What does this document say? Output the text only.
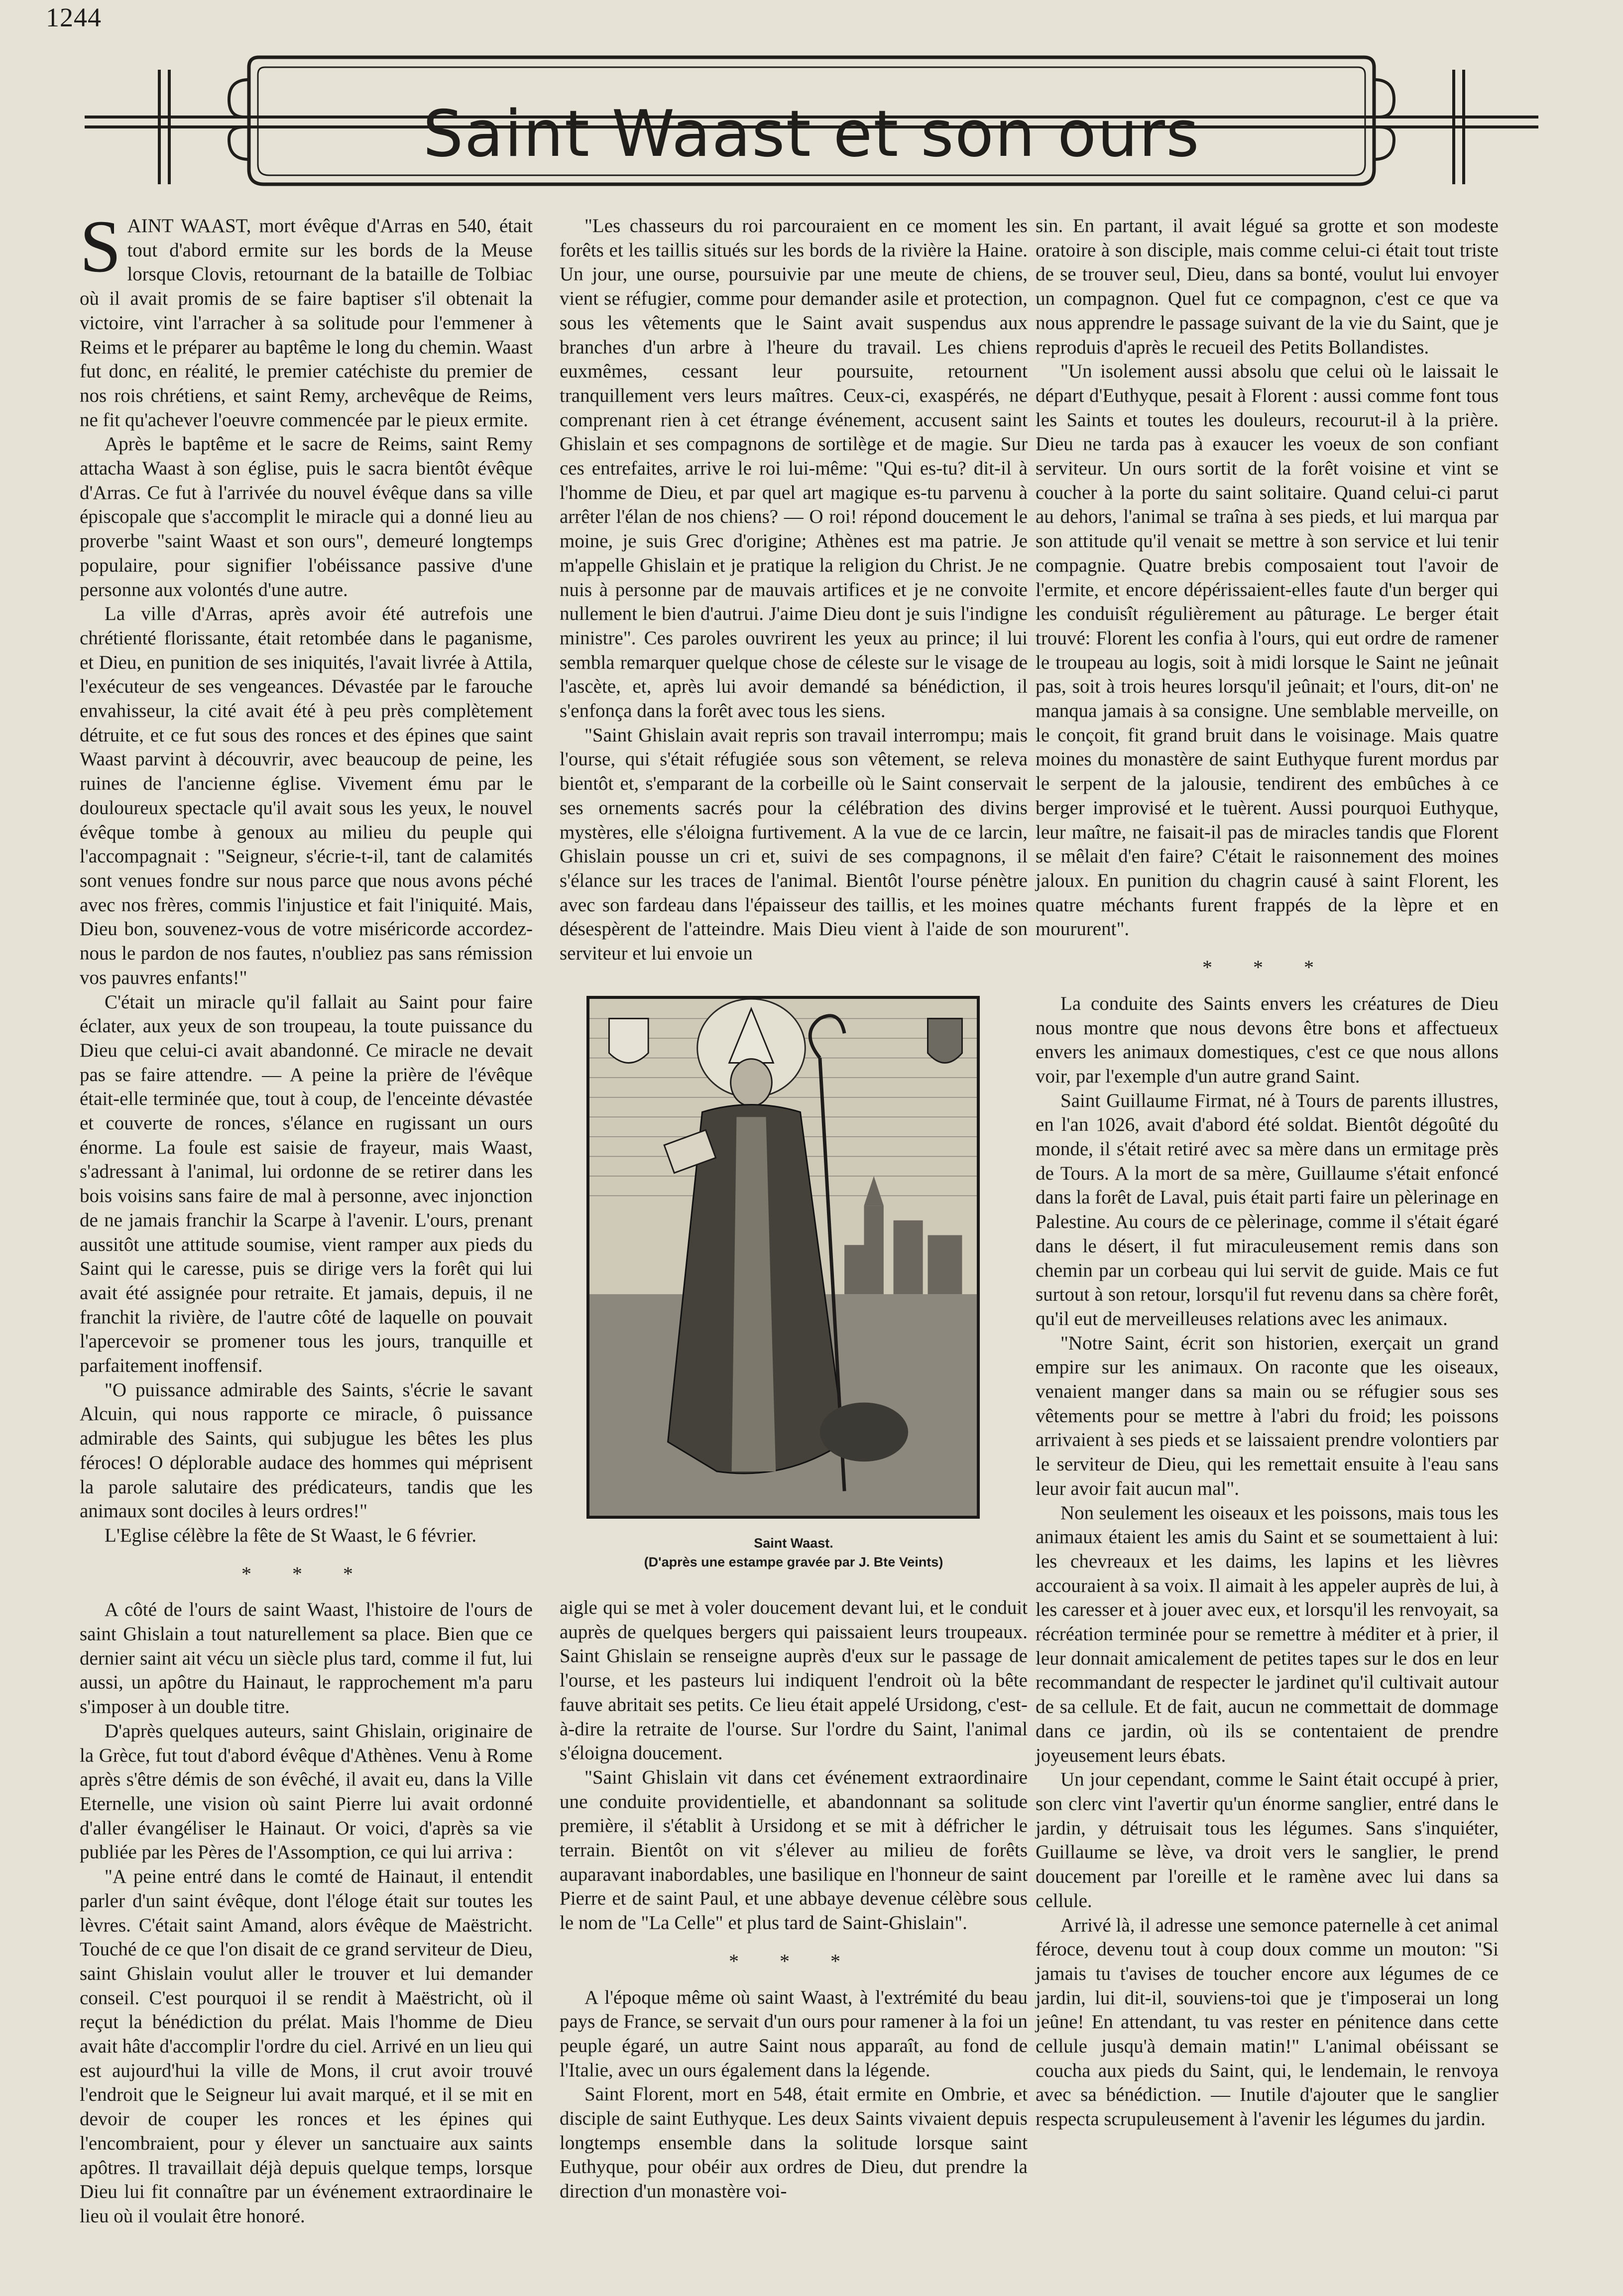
1244
Saint Waast et son ours

SAINT WAAST, mort évêque d'Arras en 540, était tout d'abord ermite sur les bords de la Meuse lorsque Clovis, retournant de la bataille de Tolbiac où il avait promis de se faire baptiser s'il obtenait la victoire, vint l'arracher à sa solitude pour l'emmener à Reims et le préparer au baptême le long du chemin. Waast fut donc, en réalité, le premier catéchiste du premier de nos rois chrétiens, et saint Remy, archevêque de Reims, ne fit qu'achever l'oeuvre commencée par le pieux ermite.

Après le baptême et le sacre de Reims, saint Remy attacha Waast à son église, puis le sacra bientôt évêque d'Arras. Ce fut à l'arrivée du nouvel évêque dans sa ville épiscopale que s'accomplit le miracle qui a donné lieu au proverbe "saint Waast et son ours", demeuré longtemps populaire, pour signifier l'obéissance passive d'une personne aux volontés d'une autre.

La ville d'Arras, après avoir été autrefois une chrétienté florissante, était retombée dans le paganisme, et Dieu, en punition de ses iniquités, l'avait livrée à Attila, l'exécuteur de ses vengeances. Dévastée par le farouche envahisseur, la cité avait été à peu près complètement détruite, et ce fut sous des ronces et des épines que saint Waast parvint à découvrir, avec beaucoup de peine, les ruines de l'ancienne église. Vivement ému par le douloureux spectacle qu'il avait sous les yeux, le nouvel évêque tombe à genoux au milieu du peuple qui l'accompagnait : "Seigneur, s'écrie-t-il, tant de calamités sont venues fondre sur nous parce que nous avons péché avec nos frères, commis l'injustice et fait l'iniquité. Mais, Dieu bon, souvenez-vous de votre miséricorde accordez-nous le pardon de nos fautes, n'oubliez pas sans rémission vos pauvres enfants!"

C'était un miracle qu'il fallait au Saint pour faire éclater, aux yeux de son troupeau, la toute puissance du Dieu que celui-ci avait abandonné. Ce miracle ne devait pas se faire attendre. — A peine la prière de l'évêque était-elle terminée que, tout à coup, de l'enceinte dévastée et couverte de ronces, s'élance en rugissant un ours énorme. La foule est saisie de frayeur, mais Waast, s'adressant à l'animal, lui ordonne de se retirer dans les bois voisins sans faire de mal à personne, avec injonction de ne jamais franchir la Scarpe à l'avenir. L'ours, prenant aussitôt une attitude soumise, vient ramper aux pieds du Saint qui le caresse, puis se dirige vers la forêt qui lui avait été assignée pour retraite. Et jamais, depuis, il ne franchit la rivière, de l'autre côté de laquelle on pouvait l'apercevoir se promener tous les jours, tranquille et parfaitement inoffensif.

"O puissance admirable des Saints, s'écrie le savant Alcuin, qui nous rapporte ce miracle, ô puissance admirable des Saints, qui subjugue les bêtes les plus féroces! O déplorable audace des hommes qui méprisent la parole salutaire des prédicateurs, tandis que les animaux sont dociles à leurs ordres!"

L'Eglise célèbre la fête de St Waast, le 6 février.

* * *

A côté de l'ours de saint Waast, l'histoire de l'ours de saint Ghislain a tout naturellement sa place. Bien que ce dernier saint ait vécu un siècle plus tard, comme il fut, lui aussi, un apôtre du Hainaut, le rapprochement m'a paru s'imposer à un double titre.

D'après quelques auteurs, saint Ghislain, originaire de la Grèce, fut tout d'abord évêque d'Athènes. Venu à Rome après s'être démis de son évêché, il avait eu, dans la Ville Eternelle, une vision où saint Pierre lui avait ordonné d'aller évangéliser le Hainaut. Or voici, d'après sa vie publiée par les Pères de l'Assomption, ce qui lui arriva :

"A peine entré dans le comté de Hainaut, il entendit parler d'un saint évêque, dont l'éloge était sur toutes les lèvres. C'était saint Amand, alors évêque de Maëstricht. Touché de ce que l'on disait de ce grand serviteur de Dieu, saint Ghislain voulut aller le trouver et lui demander conseil. C'est pourquoi il se rendit à Maëstricht, où il reçut la bénédiction du prélat. Mais l'homme de Dieu avait hâte d'accomplir l'ordre du ciel. Arrivé en un lieu qui est aujourd'hui la ville de Mons, il crut avoir trouvé l'endroit que le Seigneur lui avait marqué, et il se mit en devoir de couper les ronces et les épines qui l'encombraient, pour y élever un sanctuaire aux saints apôtres. Il travaillait déjà depuis quelque temps, lorsque Dieu lui fit connaître par un événement extraordinaire le lieu où il voulait être honoré.

"Les chasseurs du roi parcouraient en ce moment les forêts et les taillis situés sur les bords de la rivière la Haine. Un jour, une ourse, poursuivie par une meute de chiens, vient se réfugier, comme pour demander asile et protection, sous les vêtements que le Saint avait suspendus aux branches d'un arbre à l'heure du travail. Les chiens euxmêmes, cessant leur poursuite, retournent tranquillement vers leurs maîtres. Ceux-ci, exaspérés, ne comprenant rien à cet étrange événement, accusent saint Ghislain et ses compagnons de sortilège et de magie. Sur ces entrefaites, arrive le roi lui-même: "Qui es-tu? dit-il à l'homme de Dieu, et par quel art magique es-tu parvenu à arrêter l'élan de nos chiens? — O roi! répond doucement le moine, je suis Grec d'origine; Athènes est ma patrie. Je m'appelle Ghislain et je pratique la religion du Christ. Je ne nuis à personne par de mauvais artifices et je ne convoite nullement le bien d'autrui. J'aime Dieu dont je suis l'indigne ministre". Ces paroles ouvrirent les yeux au prince; il lui sembla remarquer quelque chose de céleste sur le visage de l'ascète, et, après lui avoir demandé sa bénédiction, il s'enfonça dans la forêt avec tous les siens.

"Saint Ghislain avait repris son travail interrompu; mais l'ourse, qui s'était réfugiée sous son vêtement, se releva bientôt et, s'emparant de la corbeille où le Saint conservait ses ornements sacrés pour la célébration des divins mystères, elle s'éloigna furtivement. A la vue de ce larcin, Ghislain pousse un cri et, suivi de ses compagnons, il s'élance sur les traces de l'animal. Bientôt l'ourse pénètre avec son fardeau dans l'épaisseur des taillis, et les moines désespèrent de l'atteindre. Mais Dieu vient à l'aide de son serviteur et lui envoie un

Saint Waast.
(D'après une estampe gravée par J. Bte Veints)

aigle qui se met à voler doucement devant lui, et le conduit auprès de quelques bergers qui paissaient leurs troupeaux. Saint Ghislain se renseigne auprès d'eux sur le passage de l'ourse, et les pasteurs lui indiquent l'endroit où la bête fauve abritait ses petits. Ce lieu était appelé Ursidong, c'est-à-dire la retraite de l'ourse. Sur l'ordre du Saint, l'animal s'éloigna doucement.

"Saint Ghislain vit dans cet événement extraordinaire une conduite providentielle, et abandonnant sa solitude première, il s'établit à Ursidong et se mit à défricher le terrain. Bientôt on vit s'élever au milieu de forêts auparavant inabordables, une basilique en l'honneur de saint Pierre et de saint Paul, et une abbaye devenue célèbre sous le nom de "La Celle" et plus tard de Saint-Ghislain".

* * *

A l'époque même où saint Waast, à l'extrémité du beau pays de France, se servait d'un ours pour ramener à la foi un peuple égaré, un autre Saint nous apparaît, au fond de l'Italie, avec un ours également dans la légende.

Saint Florent, mort en 548, était ermite en Ombrie, et disciple de saint Euthyque. Les deux Saints vivaient depuis longtemps ensemble dans la solitude lorsque saint Euthyque, pour obéir aux ordres de Dieu, dut prendre la direction d'un monastère voi-

sin. En partant, il avait légué sa grotte et son modeste oratoire à son disciple, mais comme celui-ci était tout triste de se trouver seul, Dieu, dans sa bonté, voulut lui envoyer un compagnon. Quel fut ce compagnon, c'est ce que va nous apprendre le passage suivant de la vie du Saint, que je reproduis d'après le recueil des Petits Bollandistes.

"Un isolement aussi absolu que celui où le laissait le départ d'Euthyque, pesait à Florent : aussi comme font tous les Saints et toutes les douleurs, recourut-il à la prière. Dieu ne tarda pas à exaucer les voeux de son confiant serviteur. Un ours sortit de la forêt voisine et vint se coucher à la porte du saint solitaire. Quand celui-ci parut au dehors, l'animal se traîna à ses pieds, et lui marqua par son attitude qu'il venait se mettre à son service et lui tenir compagnie. Quatre brebis composaient tout l'avoir de l'ermite, et encore dépérissaient-elles faute d'un berger qui les conduisît régulièrement au pâturage. Le berger était trouvé: Florent les confia à l'ours, qui eut ordre de ramener le troupeau au logis, soit à midi lorsque le Saint ne jeûnait pas, soit à trois heures lorsqu'il jeûnait; et l'ours, dit-on' ne manqua jamais à sa consigne. Une semblable merveille, on le conçoit, fit grand bruit dans le voisinage. Mais quatre moines du monastère de saint Euthyque furent mordus par le serpent de la jalousie, tendirent des embûches à ce berger improvisé et le tuèrent. Aussi pourquoi Euthyque, leur maître, ne faisait-il pas de miracles tandis que Florent se mêlait d'en faire? C'était le raisonnement des moines jaloux. En punition du chagrin causé à saint Florent, les quatre méchants furent frappés de la lèpre et en moururent".

* * *

La conduite des Saints envers les créatures de Dieu nous montre que nous devons être bons et affectueux envers les animaux domestiques, c'est ce que nous allons voir, par l'exemple d'un autre grand Saint.

Saint Guillaume Firmat, né à Tours de parents illustres, en l'an 1026, avait d'abord été soldat. Bientôt dégoûté du monde, il s'était retiré avec sa mère dans un ermitage près de Tours. A la mort de sa mère, Guillaume s'était enfoncé dans la forêt de Laval, puis était parti faire un pèlerinage en Palestine. Au cours de ce pèlerinage, comme il s'était égaré dans le désert, il fut miraculeusement remis dans son chemin par un corbeau qui lui servit de guide. Mais ce fut surtout à son retour, lorsqu'il fut revenu dans sa chère forêt, qu'il eut de merveilleuses relations avec les animaux.

"Notre Saint, écrit son historien, exerçait un grand empire sur les animaux. On raconte que les oiseaux, venaient manger dans sa main ou se réfugier sous ses vêtements pour se mettre à l'abri du froid; les poissons arrivaient à ses pieds et se laissaient prendre volontiers par le serviteur de Dieu, qui les remettait ensuite à l'eau sans leur avoir fait aucun mal".

Non seulement les oiseaux et les poissons, mais tous les animaux étaient les amis du Saint et se soumettaient à lui: les chevreaux et les daims, les lapins et les lièvres accouraient à sa voix. Il aimait à les appeler auprès de lui, à les caresser et à jouer avec eux, et lorsqu'il les renvoyait, sa récréation terminée pour se remettre à méditer et à prier, il leur donnait amicalement de petites tapes sur le dos en leur recommandant de respecter le jardinet qu'il cultivait autour de sa cellule. Et de fait, aucun ne commettait de dommage dans ce jardin, où ils se contentaient de prendre joyeusement leurs ébats.

Un jour cependant, comme le Saint était occupé à prier, son clerc vint l'avertir qu'un énorme sanglier, entré dans le jardin, y détruisait tous les légumes. Sans s'inquiéter, Guillaume se lève, va droit vers le sanglier, le prend doucement par l'oreille et le ramène avec lui dans sa cellule.

Arrivé là, il adresse une semonce paternelle à cet animal féroce, devenu tout à coup doux comme un mouton: "Si jamais tu t'avises de toucher encore aux légumes de ce jardin, lui dit-il, souviens-toi que je t'imposerai un long jeûne! En attendant, tu vas rester en pénitence dans cette cellule jusqu'à demain matin!" L'animal obéissant se coucha aux pieds du Saint, qui, le lendemain, le renvoya avec sa bénédiction. — Inutile d'ajouter que le sanglier respecta scrupuleusement à l'avenir les légumes du jardin.
